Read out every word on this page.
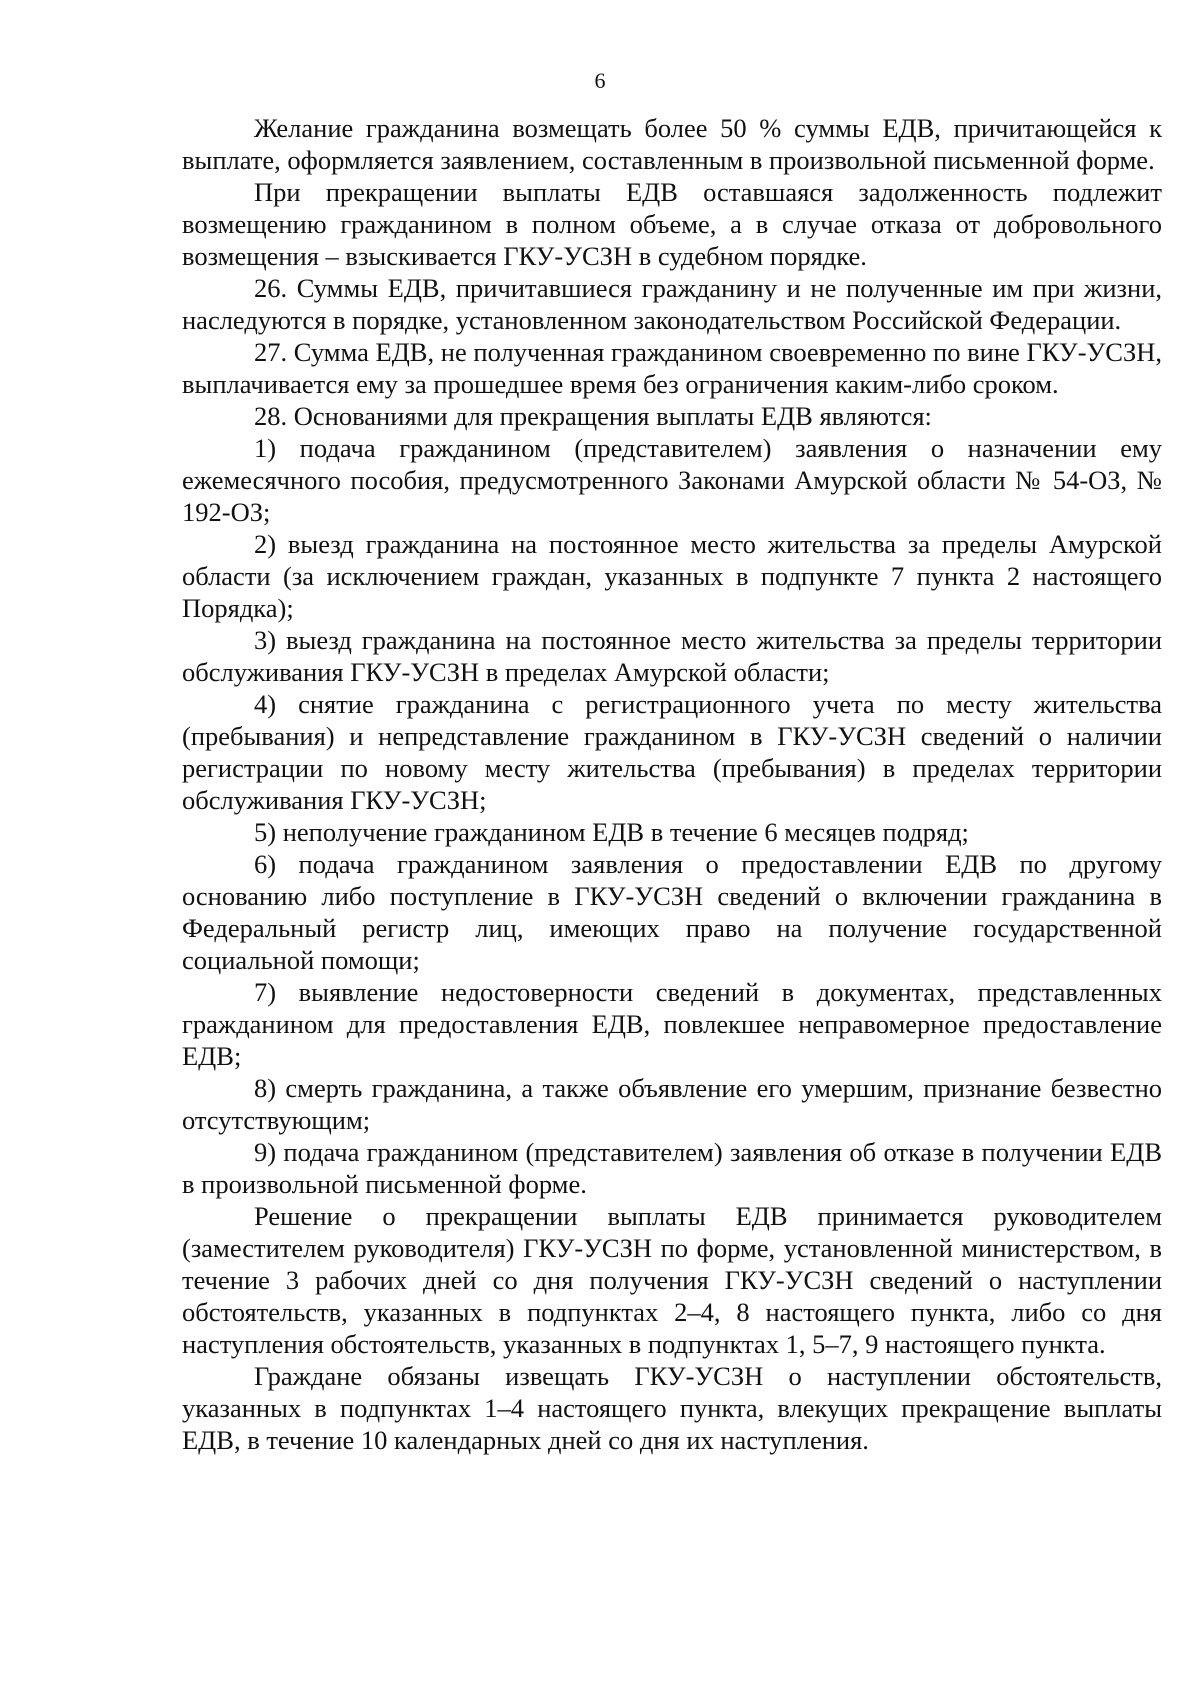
6

Желание гражданина возмещать более 50 % суммы ЕДВ, причитающейся к выплате, оформляется заявлением, составленным в произвольной письменной форме.

При прекращении выплаты ЕДВ оставшаяся задолженность подлежит возмещению гражданином в полном объеме, а в случае отказа от добровольного возмещения – взыскивается ГКУ-УСЗН в судебном порядке.

26. Суммы ЕДВ, причитавшиеся гражданину и не полученные им при жизни, наследуются в порядке, установленном законодательством Российской Федерации.

27. Сумма ЕДВ, не полученная гражданином своевременно по вине ГКУ-УСЗН, выплачивается ему за прошедшее время без ограничения каким-либо сроком.

28. Основаниями для прекращения выплаты ЕДВ являются:

1) подача гражданином (представителем) заявления о назначении ему ежемесячного пособия, предусмотренного Законами Амурской области № 54-ОЗ, № 192-ОЗ;

2) выезд гражданина на постоянное место жительства за пределы Амурской области (за исключением граждан, указанных в подпункте 7 пункта 2 настоящего Порядка);

3) выезд гражданина на постоянное место жительства за пределы территории обслуживания ГКУ-УСЗН в пределах Амурской области;

4) снятие гражданина с регистрационного учета по месту жительства (пребывания) и непредставление гражданином в ГКУ-УСЗН сведений о наличии регистрации по новому месту жительства (пребывания) в пределах территории обслуживания ГКУ-УСЗН;

5) неполучение гражданином ЕДВ в течение 6 месяцев подряд;

6) подача гражданином заявления о предоставлении ЕДВ по другому основанию либо поступление в ГКУ-УСЗН сведений о включении гражданина в Федеральный регистр лиц, имеющих право на получение государственной социальной помощи;

7) выявление недостоверности сведений в документах, представленных гражданином для предоставления ЕДВ, повлекшее неправомерное предоставление ЕДВ;

8) смерть гражданина, а также объявление его умершим, признание безвестно отсутствующим;

9) подача гражданином (представителем) заявления об отказе в получении ЕДВ в произвольной письменной форме.

Решение о прекращении выплаты ЕДВ принимается руководителем (заместителем руководителя) ГКУ-УСЗН по форме, установленной министерством, в течение 3 рабочих дней со дня получения ГКУ-УСЗН сведений о наступлении обстоятельств, указанных в подпунктах 2–4, 8 настоящего пункта, либо со дня наступления обстоятельств, указанных в подпунктах 1, 5–7, 9 настоящего пункта.

Граждане обязаны извещать ГКУ-УСЗН о наступлении обстоятельств, указанных в подпунктах 1–4 настоящего пункта, влекущих прекращение выплаты ЕДВ, в течение 10 календарных дней со дня их наступления.
